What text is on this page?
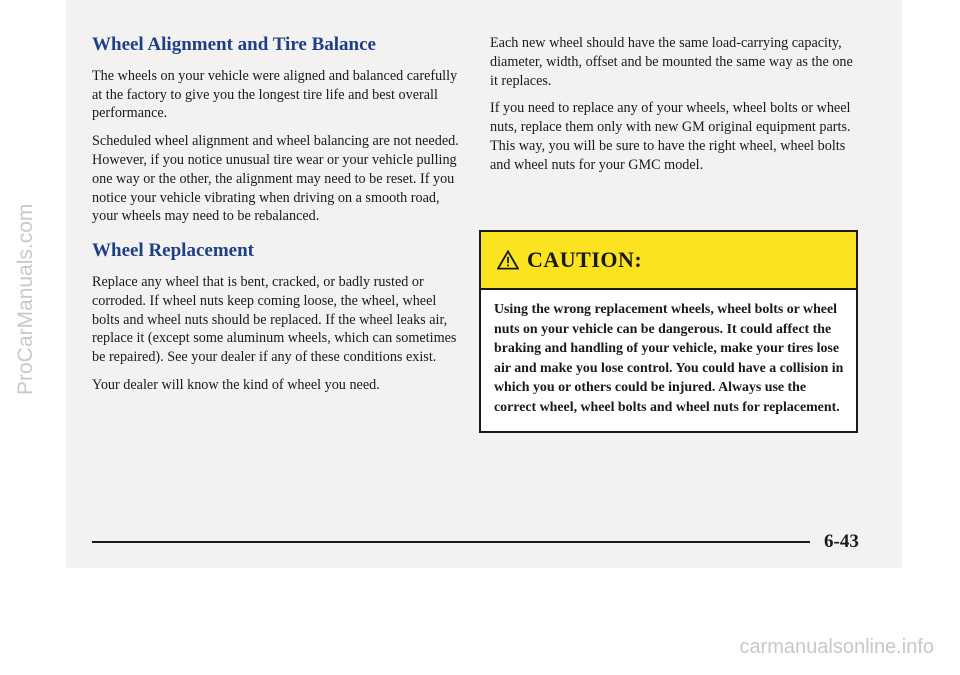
Wheel Alignment and Tire Balance

The wheels on your vehicle were aligned and balanced carefully at the factory to give you the longest tire life and best overall performance.

Scheduled wheel alignment and wheel balancing are not needed. However, if you notice unusual tire wear or your vehicle pulling one way or the other, the alignment may need to be reset. If you notice your vehicle vibrating when driving on a smooth road, your wheels may need to be rebalanced.

Wheel Replacement

Replace any wheel that is bent, cracked, or badly rusted or corroded. If wheel nuts keep coming loose, the wheel, wheel bolts and wheel nuts should be replaced. If the wheel leaks air, replace it (except some aluminum wheels, which can sometimes be repaired). See your dealer if any of these conditions exist.

Your dealer will know the kind of wheel you need.

Each new wheel should have the same load-carrying capacity, diameter, width, offset and be mounted the same way as the one it replaces.

If you need to replace any of your wheels, wheel bolts or wheel nuts, replace them only with new GM original equipment parts. This way, you will be sure to have the right wheel, wheel bolts and wheel nuts for your GMC model.

CAUTION:
Using the wrong replacement wheels, wheel bolts or wheel nuts on your vehicle can be dangerous. It could affect the braking and handling of your vehicle, make your tires lose air and make you lose control. You could have a collision in which you or others could be injured. Always use the correct wheel, wheel bolts and wheel nuts for replacement.
6-43
ProCarManuals.com
carmanualsonline.info
